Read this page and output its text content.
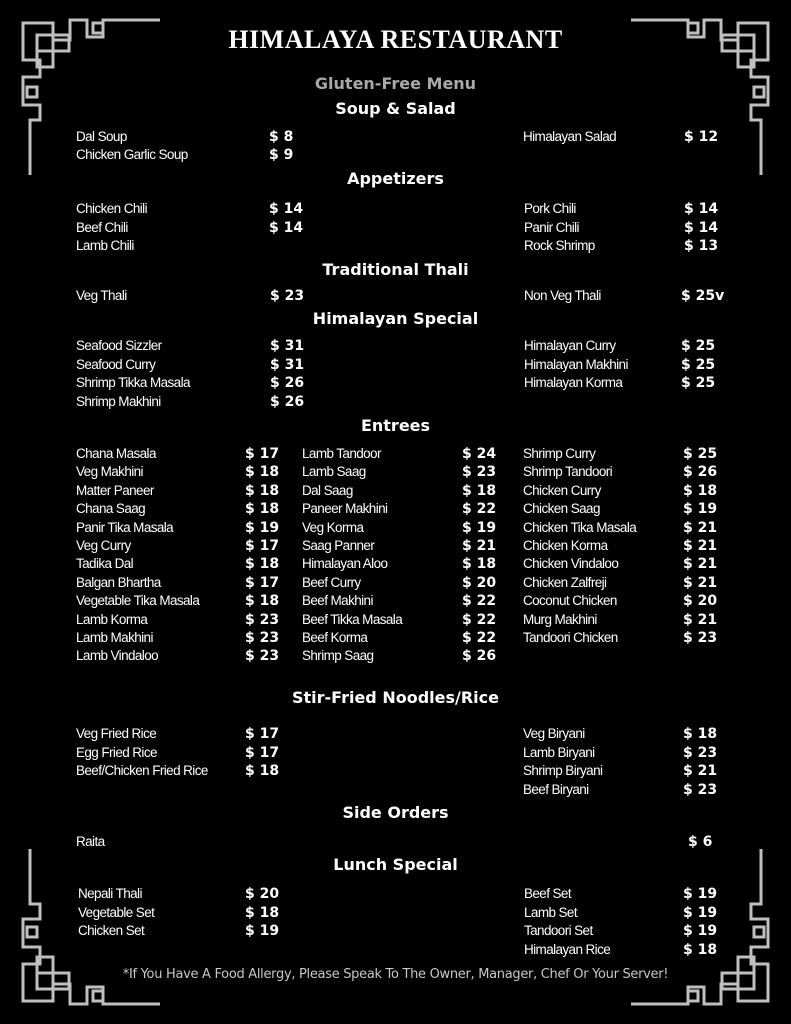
HIMALAYA RESTAURANT
Gluten-Free Menu
Soup & Salad
Dal Soup	$ 8
Chicken Garlic Soup	$ 9
Himalayan Salad	$ 12
Appetizers
Chicken Chili	$ 14
Beef Chili	$ 14
Lamb Chili
Pork Chili	$ 14
Panir Chili	$ 14
Rock Shrimp	$ 13
Traditional Thali
Veg Thali	$ 23	Non Veg Thali	$ 25v
Himalayan Special
Seafood Sizzler	$ 31
Seafood Curry	$ 31
Shrimp Tikka Masala	$ 26
Shrimp Makhini	$ 26
Himalayan Curry	$ 25
Himalayan Makhini	$ 25
Himalayan Korma	$ 25
Entrees
Chana Masala	$ 17
Veg Makhini	$ 18
Matter Paneer	$ 18
Chana Saag	$ 18
Panir Tika Masala	$ 19
Veg Curry	$ 17
Tadika Dal	$ 18
Balgan Bhartha	$ 17
Vegetable Tika Masala	$ 18
Lamb Korma	$ 23
Lamb Makhini	$ 23
Lamb Vindaloo	$ 23
Lamb Tandoor	$ 24
Lamb Saag	$ 23
Dal Saag	$ 18
Paneer Makhini	$ 22
Veg Korma	$ 19
Saag Panner	$ 21
Himalayan Aloo	$ 18
Beef Curry	$ 20
Beef Makhini	$ 22
Beef Tikka Masala	$ 22
Beef Korma	$ 22
Shrimp Saag	$ 26
Shrimp Curry	$ 25
Shrimp Tandoori	$ 26
Chicken Curry	$ 18
Chicken Saag	$ 19
Chicken Tika Masala	$ 21
Chicken Korma	$ 21
Chicken Vindaloo	$ 21
Chicken Zalfreji	$ 21
Coconut Chicken	$ 20
Murg Makhini	$ 21
Tandoori Chicken	$ 23
Stir-Fried Noodles/Rice
Veg Fried Rice	$ 17
Egg Fried Rice	$ 17
Beef/Chicken Fried Rice	$ 18
Veg Biryani	$ 18
Lamb Biryani	$ 23
Shrimp Biryani	$ 21
Beef Biryani	$ 23
Side Orders
Raita	$ 6
Lunch Special
Nepali Thali	$ 20
Vegetable Set	$ 18
Chicken Set	$ 19
Beef Set	$ 19
Lamb Set	$ 19
Tandoori Set	$ 19
Himalayan Rice	$ 18
*If You Have A Food Allergy, Please Speak To The Owner, Manager, Chef Or Your Server!
